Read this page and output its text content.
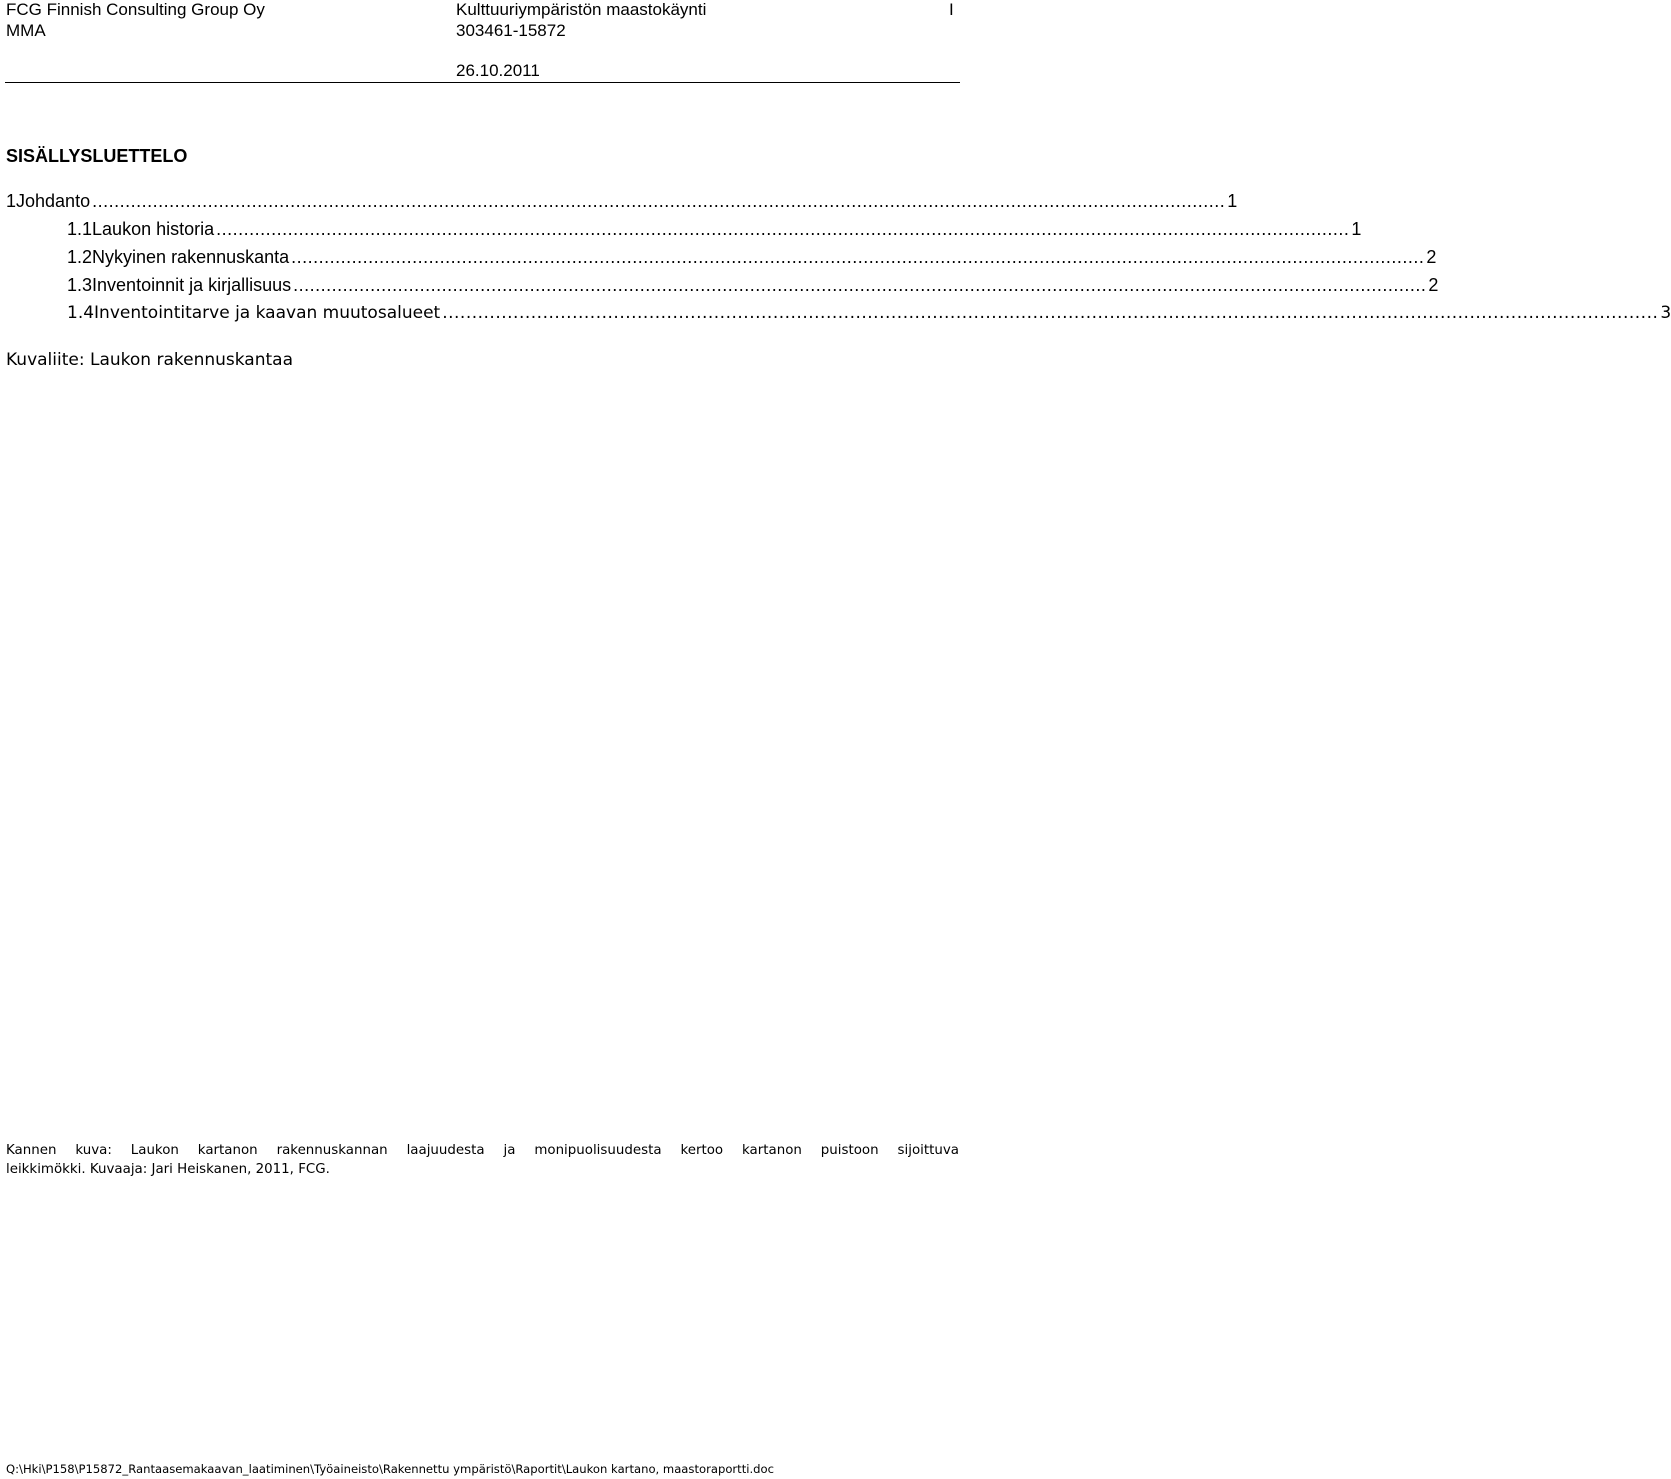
FCG Finnish Consulting Group Oy
MMA
Kulttuuriympäristön maastokäynti
303461-15872
I
26.10.2011
SISÄLLYSLUETTELO
1 Johdanto .............................................................................................................................................................................................................. 1
1.1 Laukon historia .............................................................................................................................................................................................................. 1
1.2 Nykyinen rakennuskanta .............................................................................................................................................................................................................. 2
1.3 Inventoinnit ja kirjallisuus .............................................................................................................................................................................................................. 2
1.4 Inventointitarve ja kaavan muutosalueet .............................................................................................................................................................................................................. 3
Kuvaliite: Laukon rakennuskantaa
Kannen kuva: Laukon kartanon rakennuskannan laajuudesta ja monipuolisuudesta kertoo kartanon puistoon sijoittuva
leikkimökki. Kuvaaja: Jari Heiskanen, 2011, FCG.
Q:\Hki\P158\P15872_Rantaasemakaavan_laatiminen\Työaineisto\Rakennettu ympäristö\Raportit\Laukon kartano, maastoraportti.doc
